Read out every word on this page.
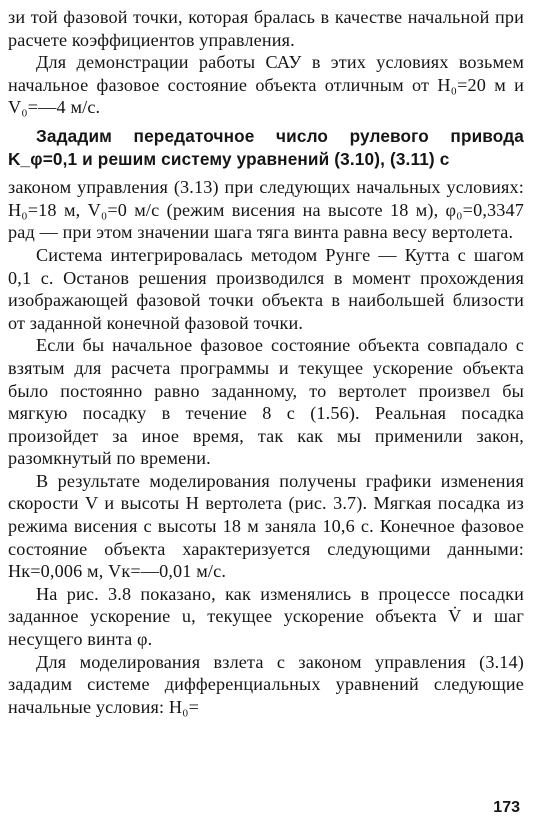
зи той фазовой точки, которая бралась в качестве начальной при расчете коэффициентов управления.

Для демонстрации работы САУ в этих условиях возьмем начальное фазовое состояние объекта отличным от H₀=20 м и V₀=—4 м/с.

Зададим передаточное число рулевого привода K_φ=0,1 и решим систему уравнений (3.10), (3.11) с

законом управления (3.13) при следующих начальных условиях: H₀=18 м, V₀=0 м/с (режим висения на высоте 18 м), φ₀=0,3347 рад — при этом значении шага тяга винта равна весу вертолета.

Система интегрировалась методом Рунге — Кутта с шагом 0,1 с. Останов решения производился в момент прохождения изображающей фазовой точки объекта в наибольшей близости от заданной конечной фазовой точки.

Если бы начальное фазовое состояние объекта совпадало с взятым для расчета программы и текущее ускорение объекта было постоянно равно заданному, то вертолет произвел бы мягкую посадку в течение 8 с (1.56). Реальная посадка произойдет за иное время, так как мы применили закон, разомкнутый по времени.

В результате моделирования получены графики изменения скорости V и высоты H вертолета (рис. 3.7). Мягкая посадка из режима висения с высоты 18 м заняла 10,6 с. Конечное фазовое состояние объекта характеризуется следующими данными: Hк=0,006 м, Vк=—0,01 м/с.

На рис. 3.8 показано, как изменялись в процессе посадки заданное ускорение u, текущее ускорение объекта V̇ и шаг несущего винта φ.

Для моделирования взлета с законом управления (3.14) зададим системе дифференциальных уравнений следующие начальные условия: H₀=

173
